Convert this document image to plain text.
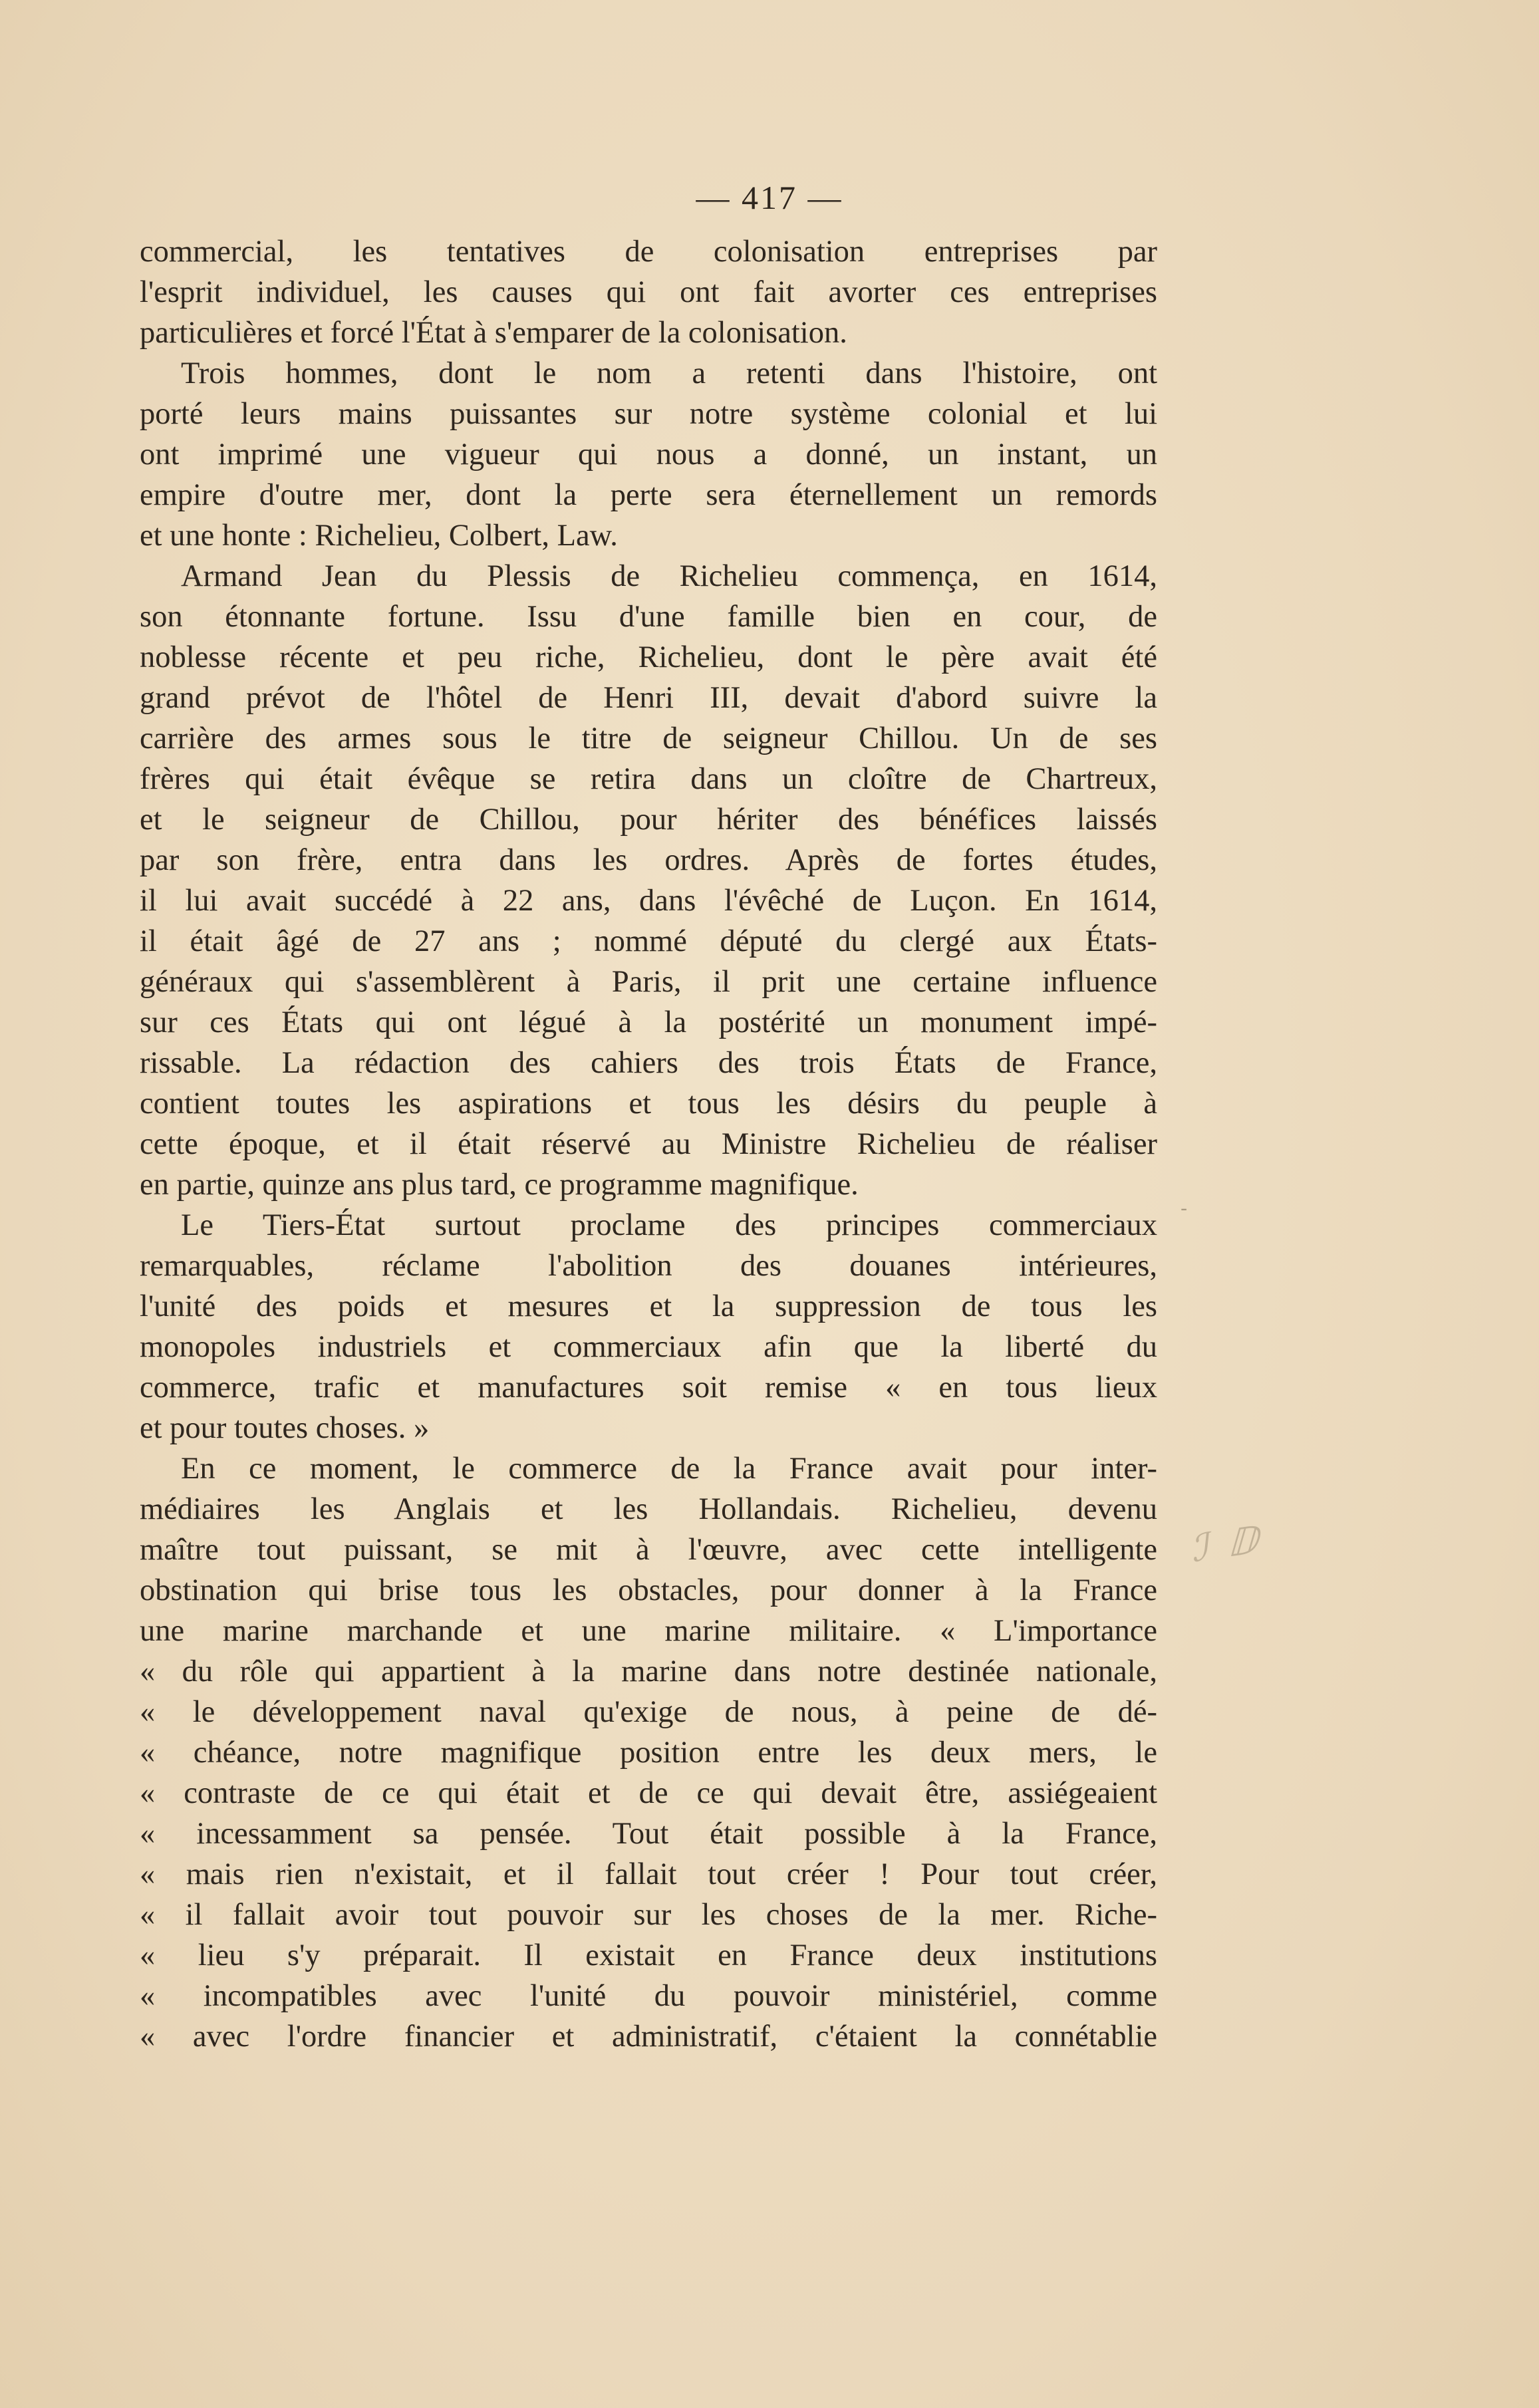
— 417 —
commercial, les tentatives de colonisation entreprises par
l'esprit individuel, les causes qui ont fait avorter ces entreprises
particulières et forcé l'État à s'emparer de la colonisation.
Trois hommes, dont le nom a retenti dans l'histoire, ont
porté leurs mains puissantes sur notre système colonial et lui
ont imprimé une vigueur qui nous a donné, un instant, un
empire d'outre mer, dont la perte sera éternellement un remords
et une honte : Richelieu, Colbert, Law.
Armand Jean du Plessis de Richelieu commença, en 1614,
son étonnante fortune. Issu d'une famille bien en cour, de
noblesse récente et peu riche, Richelieu, dont le père avait été
grand prévot de l'hôtel de Henri III, devait d'abord suivre la
carrière des armes sous le titre de seigneur Chillou. Un de ses
frères qui était évêque se retira dans un cloître de Chartreux,
et le seigneur de Chillou, pour hériter des bénéfices laissés
par son frère, entra dans les ordres. Après de fortes études,
il lui avait succédé à 22 ans, dans l'évêché de Luçon. En 1614,
il était âgé de 27 ans ; nommé député du clergé aux États-
généraux qui s'assemblèrent à Paris, il prit une certaine influence
sur ces États qui ont légué à la postérité un monument impé-
rissable. La rédaction des cahiers des trois États de France,
contient toutes les aspirations et tous les désirs du peuple à
cette époque, et il était réservé au Ministre Richelieu de réaliser
en partie, quinze ans plus tard, ce programme magnifique.
Le Tiers-État surtout proclame des principes commerciaux
remarquables, réclame l'abolition des douanes intérieures,
l'unité des poids et mesures et la suppression de tous les
monopoles industriels et commerciaux afin que la liberté du
commerce, trafic et manufactures soit remise « en tous lieux
et pour toutes choses. »
En ce moment, le commerce de la France avait pour inter-
médiaires les Anglais et les Hollandais. Richelieu, devenu
maître tout puissant, se mit à l'œuvre, avec cette intelligente
obstination qui brise tous les obstacles, pour donner à la France
une marine marchande et une marine militaire. « L'importance
« du rôle qui appartient à la marine dans notre destinée nationale,
« le développement naval qu'exige de nous, à peine de dé-
« chéance, notre magnifique position entre les deux mers, le
« contraste de ce qui était et de ce qui devait être, assiégeaient
« incessamment sa pensée. Tout était possible à la France,
« mais rien n'existait, et il fallait tout créer ! Pour tout créer,
« il fallait avoir tout pouvoir sur les choses de la mer. Riche-
« lieu s'y préparait. Il existait en France deux institutions
« incompatibles avec l'unité du pouvoir ministériel, comme
« avec l'ordre financier et administratif, c'étaient la connétablie
-
ℐ ⅅ
